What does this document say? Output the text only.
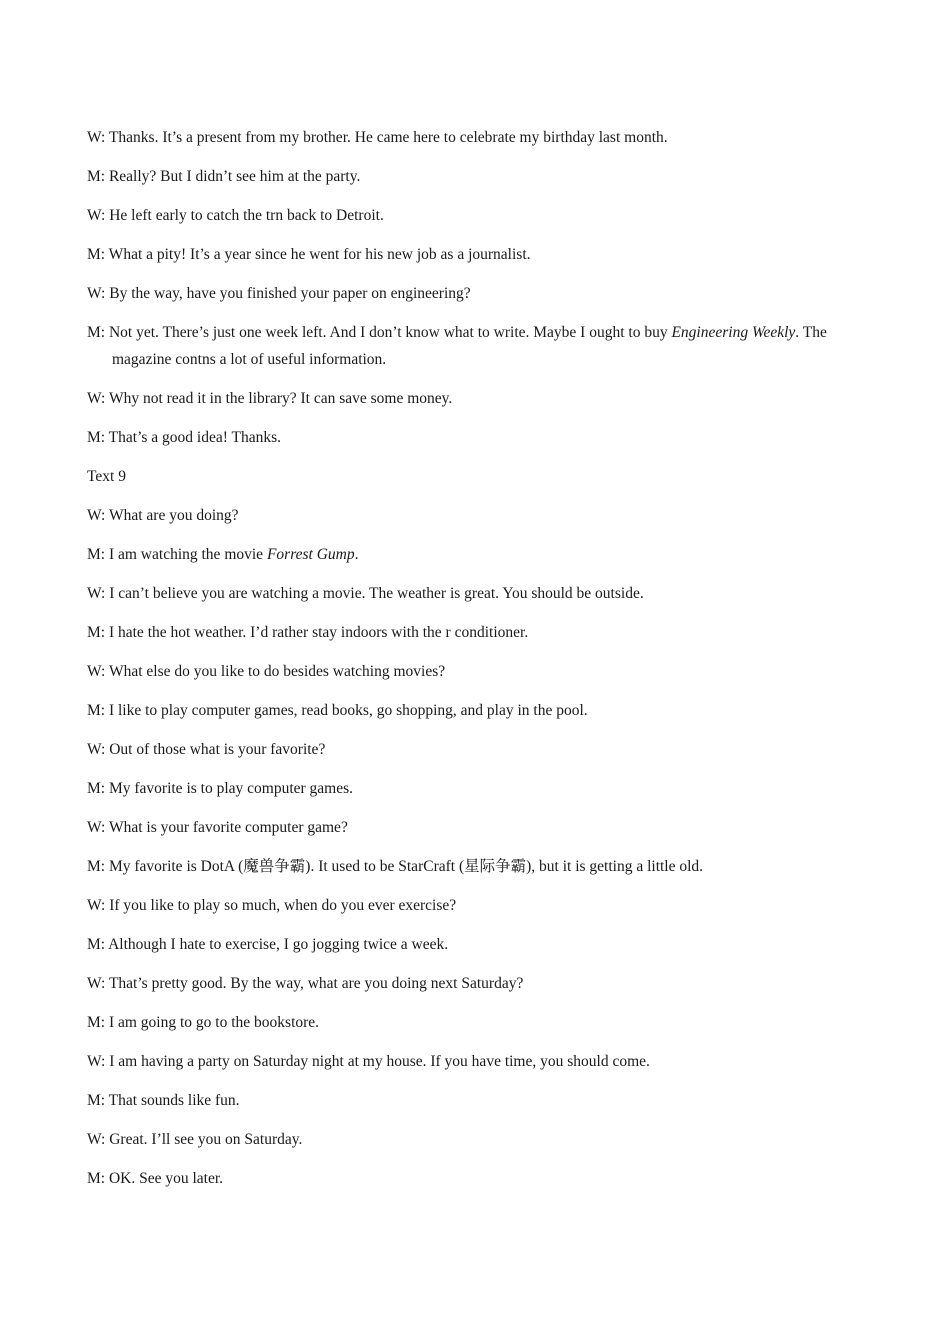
W: Thanks. It’s a present from my brother. He came here to celebrate my birthday last month.

M: Really? But I didn’t see him at the party.

W: He left early to catch the trn back to Detroit.

M: What a pity! It’s a year since he went for his new job as a journalist.

W: By the way, have you finished your paper on engineering?

M: Not yet. There’s just one week left. And I don’t know what to write. Maybe I ought to buy Engineering Weekly. The magazine contns a lot of useful information.

W: Why not read it in the library? It can save some money.

M: That’s a good idea! Thanks.

Text 9

W: What are you doing?

M: I am watching the movie Forrest Gump.

W: I can’t believe you are watching a movie. The weather is great. You should be outside.

M: I hate the hot weather. I’d rather stay indoors with the r conditioner.

W: What else do you like to do besides watching movies?

M: I like to play computer games, read books, go shopping, and play in the pool.

W: Out of those what is your favorite?

M: My favorite is to play computer games.

W: What is your favorite computer game?

M: My favorite is DotA (魔兽争霸). It used to be StarCraft (星际争霸), but it is getting a little old.

W: If you like to play so much, when do you ever exercise?

M: Although I hate to exercise, I go jogging twice a week.

W: That’s pretty good. By the way, what are you doing next Saturday?

M: I am going to go to the bookstore.

W: I am having a party on Saturday night at my house. If you have time, you should come.

M: That sounds like fun.

W: Great. I’ll see you on Saturday.

M: OK. See you later.
